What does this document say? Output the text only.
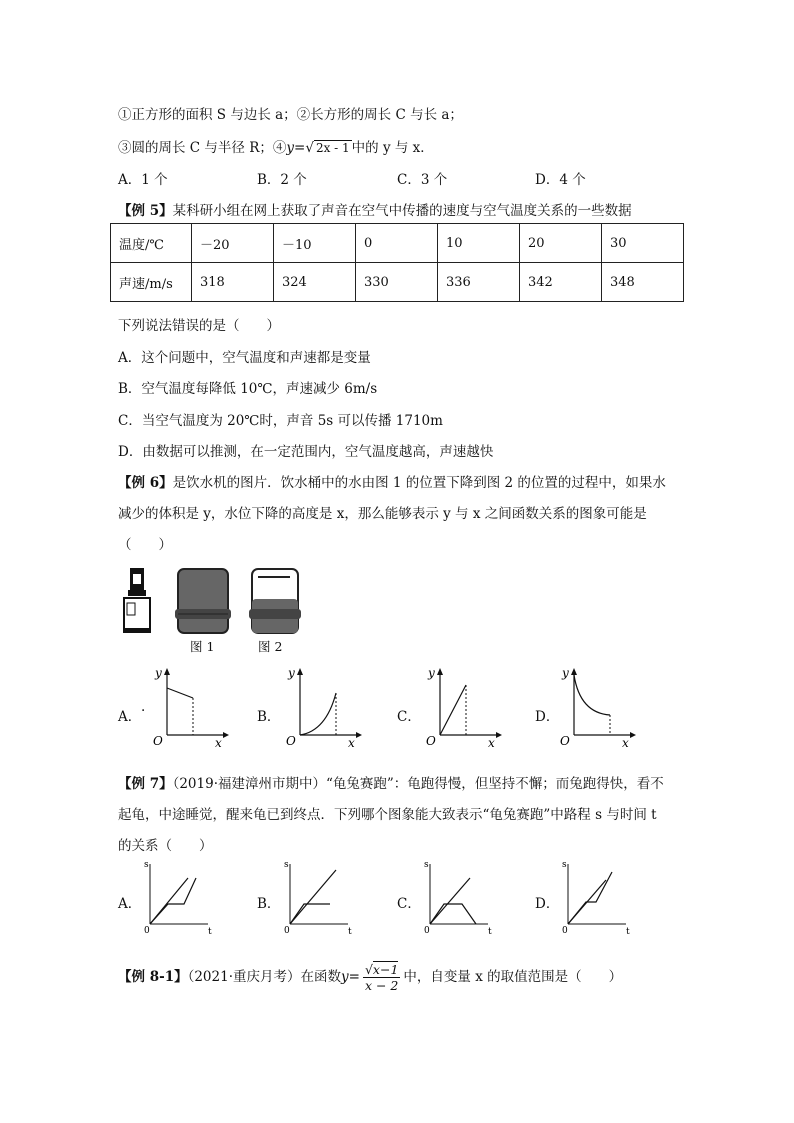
①正方形的面积 S 与边长 a；②长方形的周长 C 与长 a；
③圆的周长 C 与半径 R；④y=√ 2x - 1 中的 y 与 x．
A．1 个	B．2 个	C．3 个	D．4 个
【例 5】某科研小组在网上获取了声音在空气中传播的速度与空气温度关系的一些数据
温度/℃	－20	－10	0	10	20	30
声速/m/s	318	324	330	336	342	348
下列说法错误的是（　　）
A．这个问题中，空气温度和声速都是变量
B．空气温度每降低 10℃，声速减少 6m/s
C．当空气温度为 20℃时，声音 5s 可以传播 1710m
D．由数据可以推测，在一定范围内，空气温度越高，声速越快
【例 6】是饮水机的图片．饮水桶中的水由图 1 的位置下降到图 2 的位置的过程中，如果水
减少的体积是 y，水位下降的高度是 x，那么能够表示 y 与 x 之间函数关系的图象可能是
（　　）
图 1	图 2
A． ·
y
O	x
B．
y
O	x
C．
y
O	x
D．
y
O	x
【例 7】（2019·福建漳州市期中）“龟兔赛跑”：龟跑得慢，但坚持不懈；而兔跑得快，看不
起龟，中途睡觉，醒来龟已到终点．下列哪个图象能大致表示“龟兔赛跑”中路程 s 与时间 t
的关系（　　）
A．
s
0	t
B．
s
0	t
C．
s
0	t
D．
s
0	t
【例 8-1】（2021·重庆月考）在函数$y= \frac{√x-1}{x - 2}$ 中，自变量 x 的取值范围是（　　）
